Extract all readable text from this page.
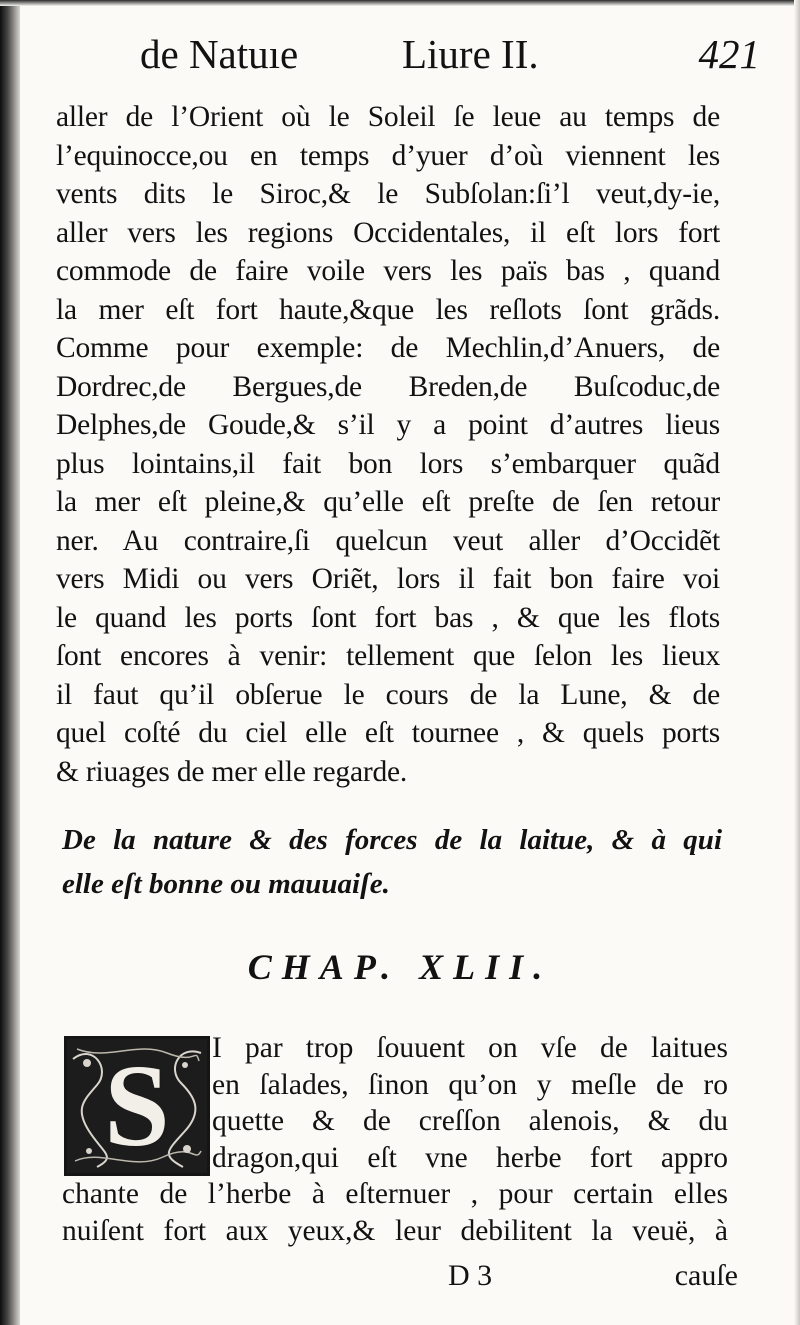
de Natuıe	Liure II.	421
aller de l’Orient où le Soleil ſe leue au temps de
l’equinocce,ou en temps d’yuer d’où viennent les
vents dits le Siroc,& le Subſolan:ſi’l veut,dy-ie,
aller vers les regions Occidentales, il eſt lors fort
commode de faire voile vers les païs bas , quand
la mer eſt fort haute,&que les reſlots ſont grãds.
Comme pour exemple: de Mechlin,d’Anuers, de
Dordrec,de Bergues,de Breden,de Buſcoduc,de
Delphes,de Goude,& s’il y a point d’autres lieus
plus lointains,il fait bon lors s’embarquer quãd
la mer eſt pleine,& qu’elle eſt preſte de ſen retour
ner. Au contraire,ſi quelcun veut aller d’Occidẽt
vers Midi ou vers Oriẽt, lors il fait bon faire voi
le quand les ports ſont fort bas , & que les flots
ſont encores à venir: tellement que ſelon les lieux
il faut qu’il obſerue le cours de la Lune, & de
quel coſté du ciel elle eſt tournee , & quels ports
& riuages de mer elle regarde.
De la nature & des forces de la laitue, & à qui
elle eſt bonne ou mauuaiſe.
CHAP. XLII.
S	I par trop ſouuent on vſe de laitues
en ſalades, ſinon qu’on y meſle de ro
quette & de creſſon alenois, & du
dragon,qui eſt vne herbe fort appro
chante de l’herbe à eſternuer , pour certain elles
nuiſent fort aux yeux,& leur debilitent la veuë, à
D 3	cauſe
